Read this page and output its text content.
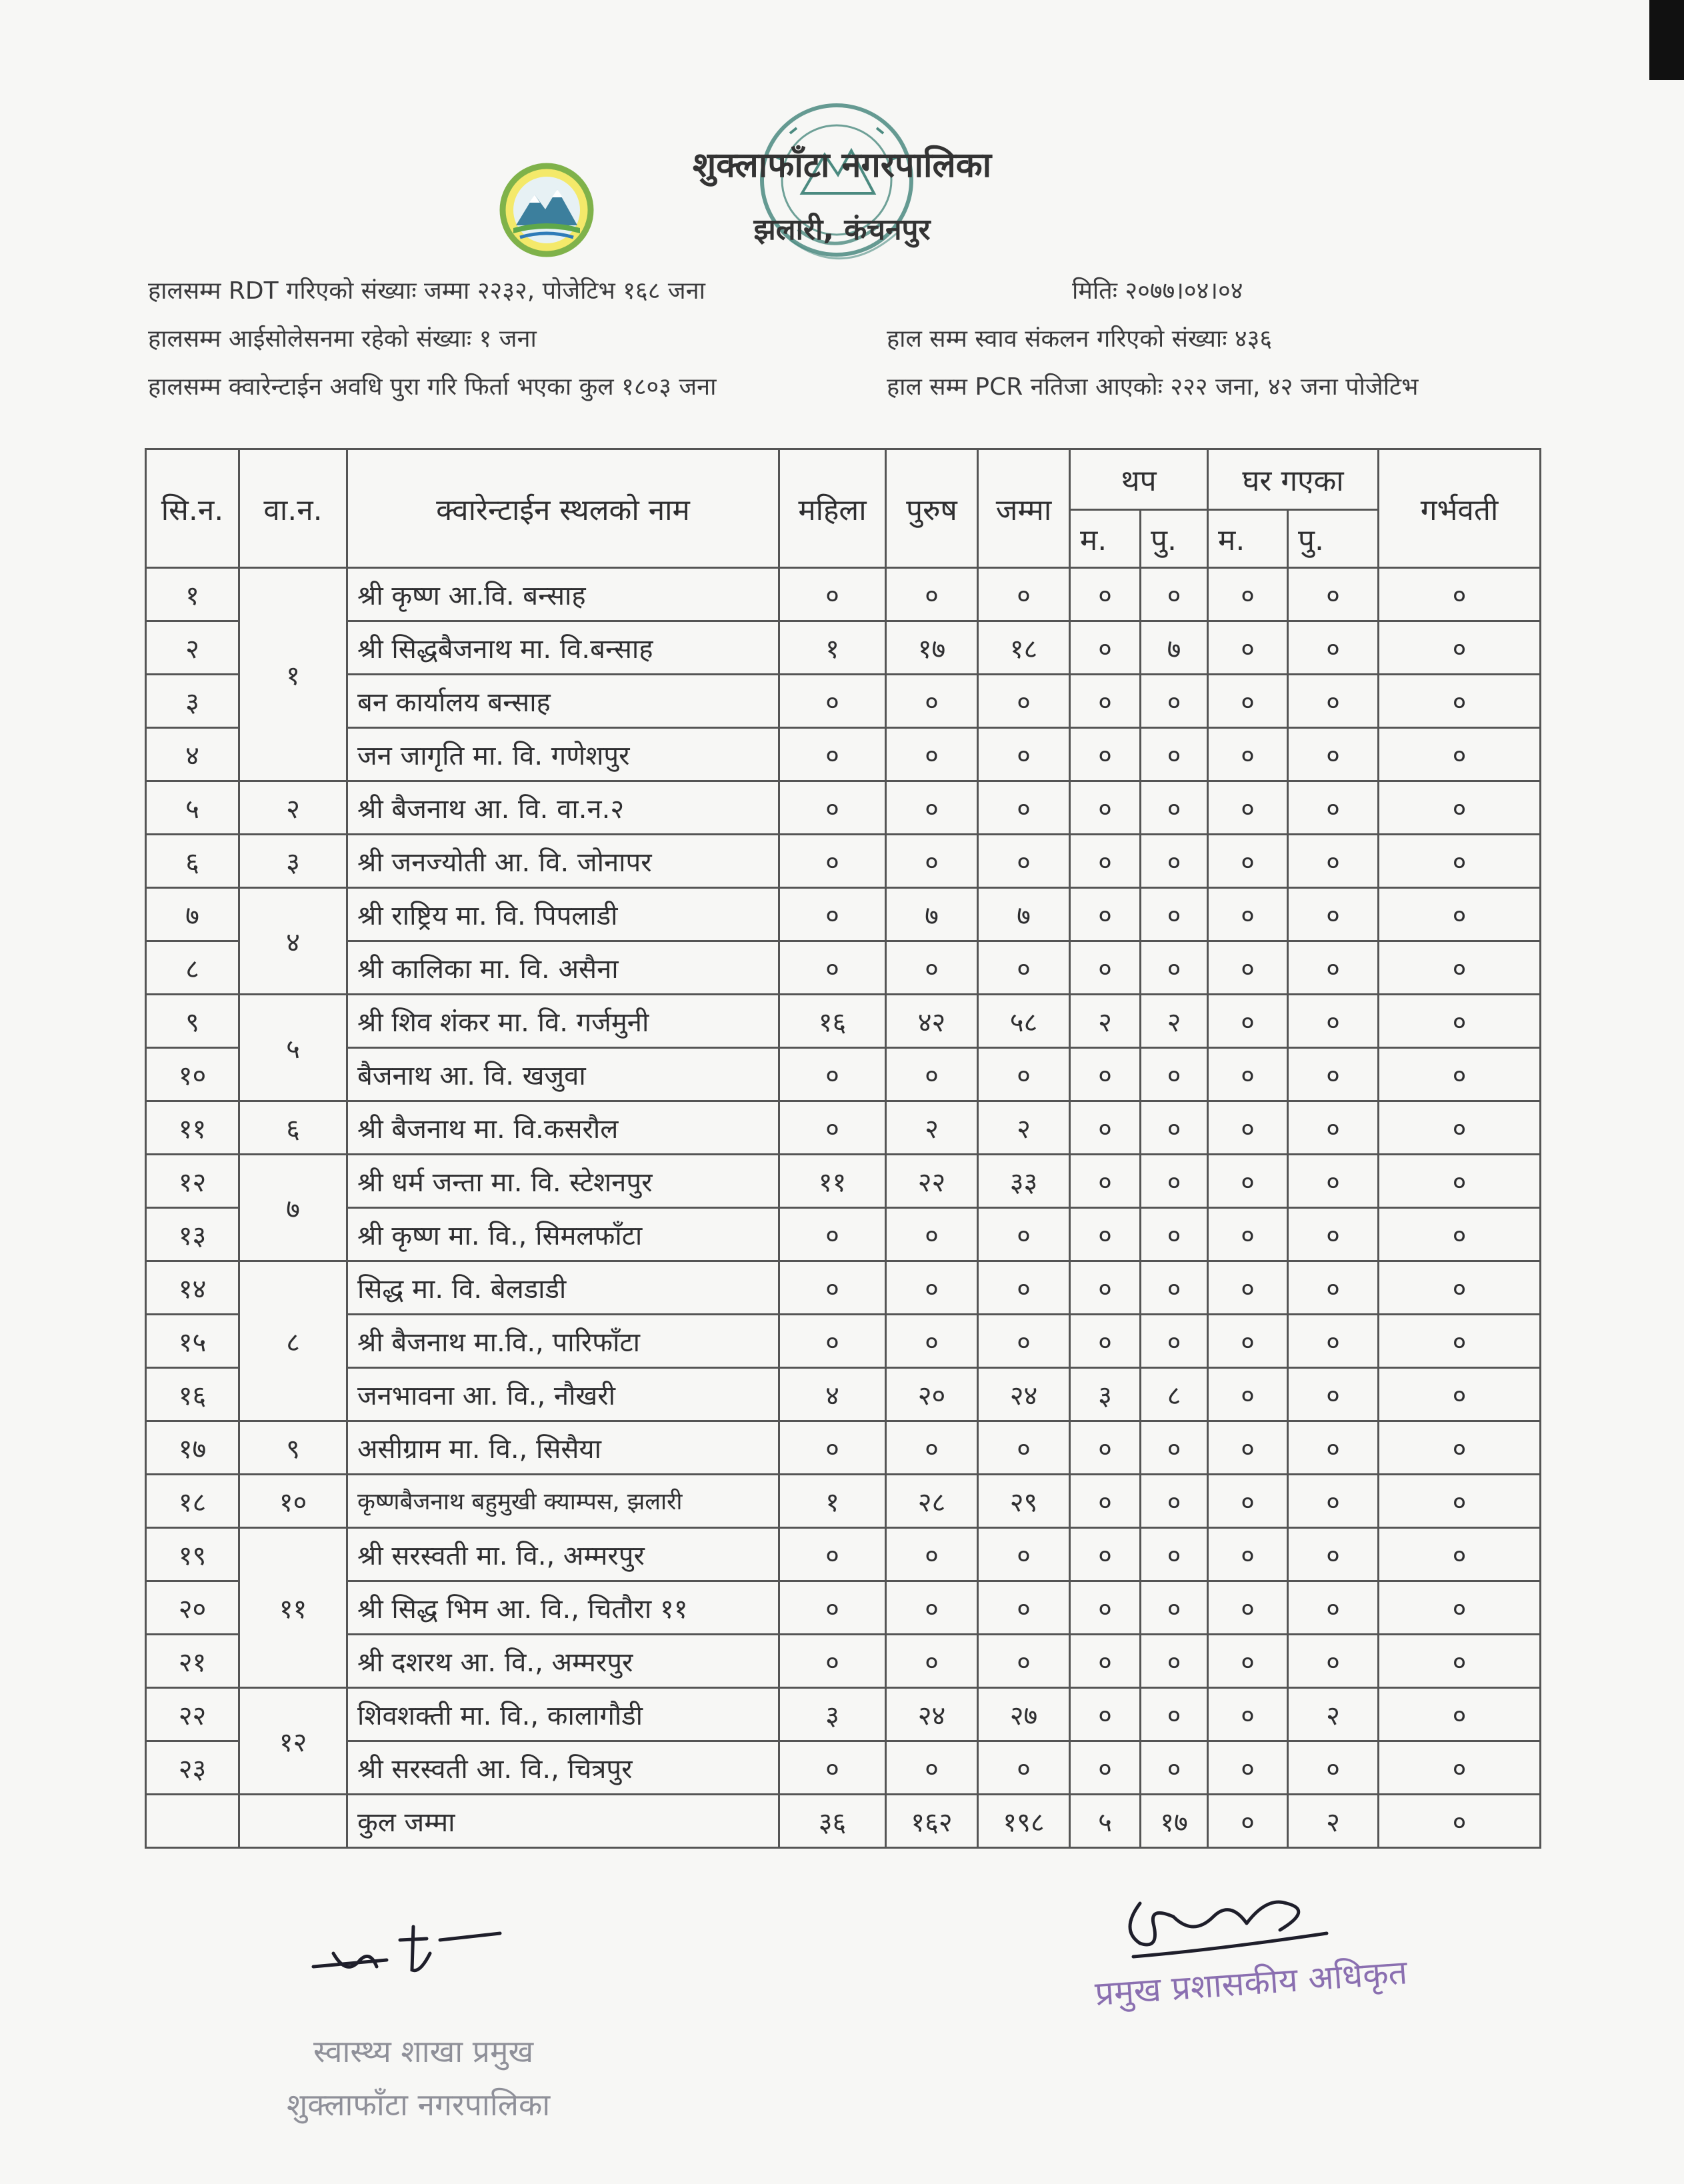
शुक्लाफाँटा नगरपालिका
झलारी, कंचनपुर
हालसम्म RDT गरिएको संख्याः जम्मा २२३२, पोजेटिभ १६८ जना	मितिः २०७७।०४।०४
हालसम्म आईसोलेसनमा रहेको संख्याः १ जना	हाल सम्म स्वाव संकलन गरिएको संख्याः ४३६
हालसम्म क्वारेन्टाईन अवधि पुरा गरि फिर्ता भएका कुल १८०३ जना	हाल सम्म PCR नतिजा आएकोः २२२ जना, ४२ जना पोजेटिभ
सि.न.	वा.न.	क्वारेन्टाईन स्थलको नाम	महिला	पुरुष	जम्मा	थप		घर गएका		गर्भवती
						म.	पु.	म.	पु.	
१	१	श्री कृष्ण आ.वि. बन्साह	०	०	०	०	०	०	०	०
२		श्री सिद्धबैजनाथ मा. वि.बन्साह	१	१७	१८	०	७	०	०	०
३		बन कार्यालय बन्साह	०	०	०	०	०	०	०	०
४		जन जागृति मा. वि. गणेशपुर	०	०	०	०	०	०	०	०
५	२	श्री बैजनाथ आ. वि. वा.न.२	०	०	०	०	०	०	०	०
६	३	श्री जनज्योती आ. वि. जोनापर	०	०	०	०	०	०	०	०
७	४	श्री राष्ट्रिय मा. वि. पिपलाडी	०	७	७	०	०	०	०	०
८		श्री कालिका मा. वि. असैना	०	०	०	०	०	०	०	०
९	५	श्री शिव शंकर मा. वि. गर्जमुनी	१६	४२	५८	२	२	०	०	०
१०		बैजनाथ आ. वि. खजुवा	०	०	०	०	०	०	०	०
११	६	श्री बैजनाथ मा. वि.कसरौल	०	२	२	०	०	०	०	०
१२	७	श्री धर्म जन्ता मा. वि. स्टेशनपुर	११	२२	३३	०	०	०	०	०
१३		श्री कृष्ण मा. वि., सिमलफाँटा	०	०	०	०	०	०	०	०
१४	८	सिद्ध मा. वि. बेलडाडी	०	०	०	०	०	०	०	०
१५		श्री बैजनाथ मा.वि., पारिफाँटा	०	०	०	०	०	०	०	०
१६		जनभावना आ. वि., नौखरी	४	२०	२४	३	८	०	०	०
१७	९	असीग्राम मा. वि., सिसैया	०	०	०	०	०	०	०	०
१८	१०	कृष्णबैजनाथ बहुमुखी क्याम्पस, झलारी	१	२८	२९	०	०	०	०	०
१९	११	श्री सरस्वती मा. वि., अम्मरपुर	०	०	०	०	०	०	०	०
२०		श्री सिद्ध भिम आ. वि., चितौरा ११	०	०	०	०	०	०	०	०
२१		श्री दशरथ आ. वि., अम्मरपुर	०	०	०	०	०	०	०	०
२२	१२	शिवशक्ती मा. वि., कालागौडी	३	२४	२७	०	०	०	२	०
२३		श्री सरस्वती आ. वि., चित्रपुर	०	०	०	०	०	०	०	०
		कुल जम्मा	३६	१६२	१९८	५	१७	०	२	०
स्वास्थ्य शाखा प्रमुख
शुक्लाफाँटा नगरपालिका
प्रमुख प्रशासकीय अधिकृत
